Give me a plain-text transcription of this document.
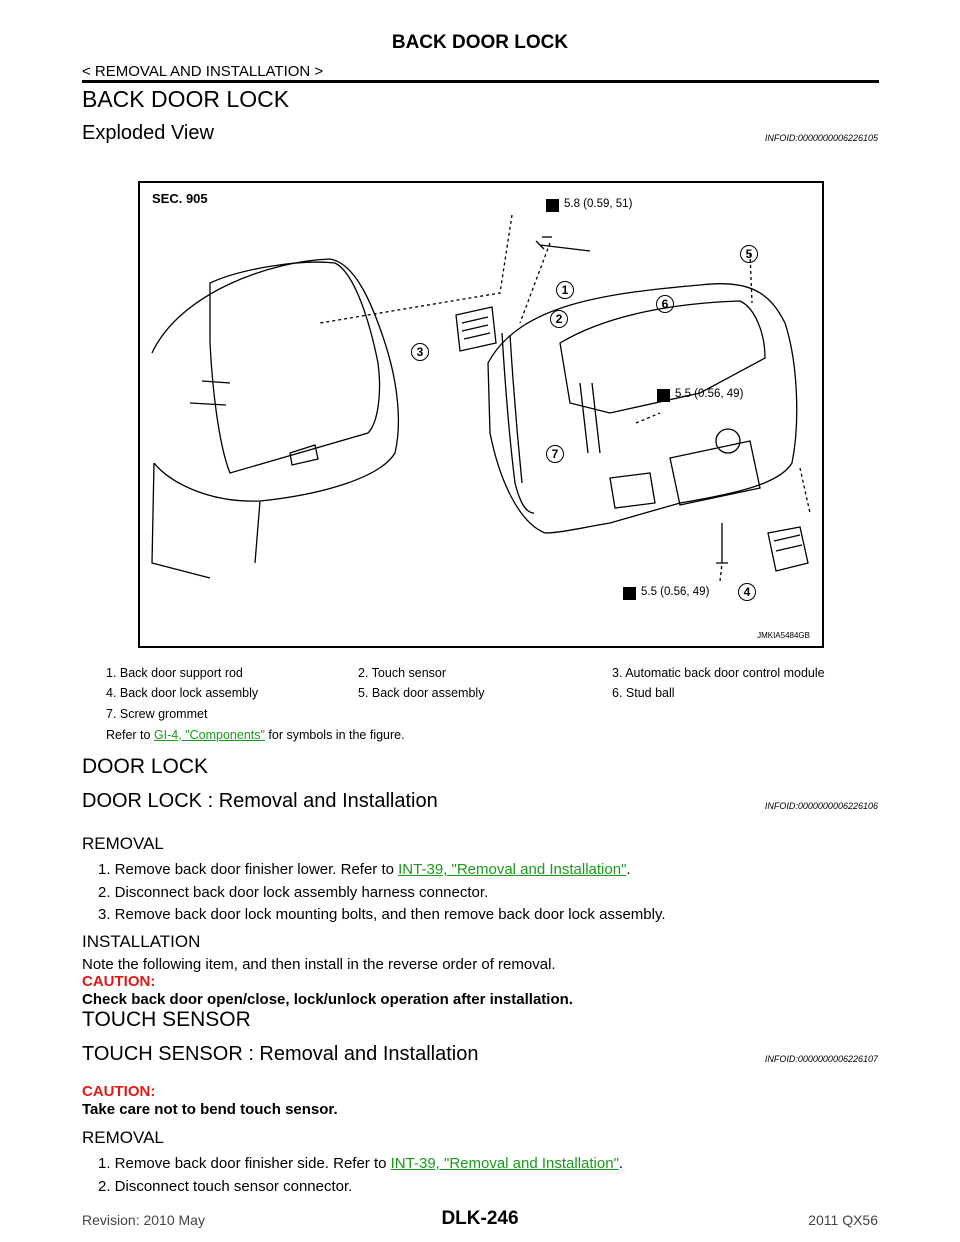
BACK DOOR LOCK
< REMOVAL AND INSTALLATION >
BACK DOOR LOCK
Exploded View	INFOID:0000000006226105
SEC. 905	5.8 (0.59, 51)
5.5 (0.56, 49)
5.5 (0.56, 49)
1
2
3
4
5
6
7
JMKIA5484GB
1. Back door support rod	2. Touch sensor	3. Automatic back door control module
4. Back door lock assembly	5. Back door assembly	6. Stud ball
7. Screw grommet
Refer to GI-4, "Components" for symbols in the figure.
DOOR LOCK
DOOR LOCK : Removal and Installation	INFOID:0000000006226106
REMOVAL
1. Remove back door finisher lower. Refer to INT-39, "Removal and Installation".
2. Disconnect back door lock assembly harness connector.
3. Remove back door lock mounting bolts, and then remove back door lock assembly.
INSTALLATION
Note the following item, and then install in the reverse order of removal.
CAUTION:
Check back door open/close, lock/unlock operation after installation.
TOUCH SENSOR
TOUCH SENSOR : Removal and Installation	INFOID:0000000006226107
CAUTION:
Take care not to bend touch sensor.
REMOVAL
1. Remove back door finisher side. Refer to INT-39, "Removal and Installation".
2. Disconnect touch sensor connector.
Revision: 2010 May	DLK-246	2011 QX56
